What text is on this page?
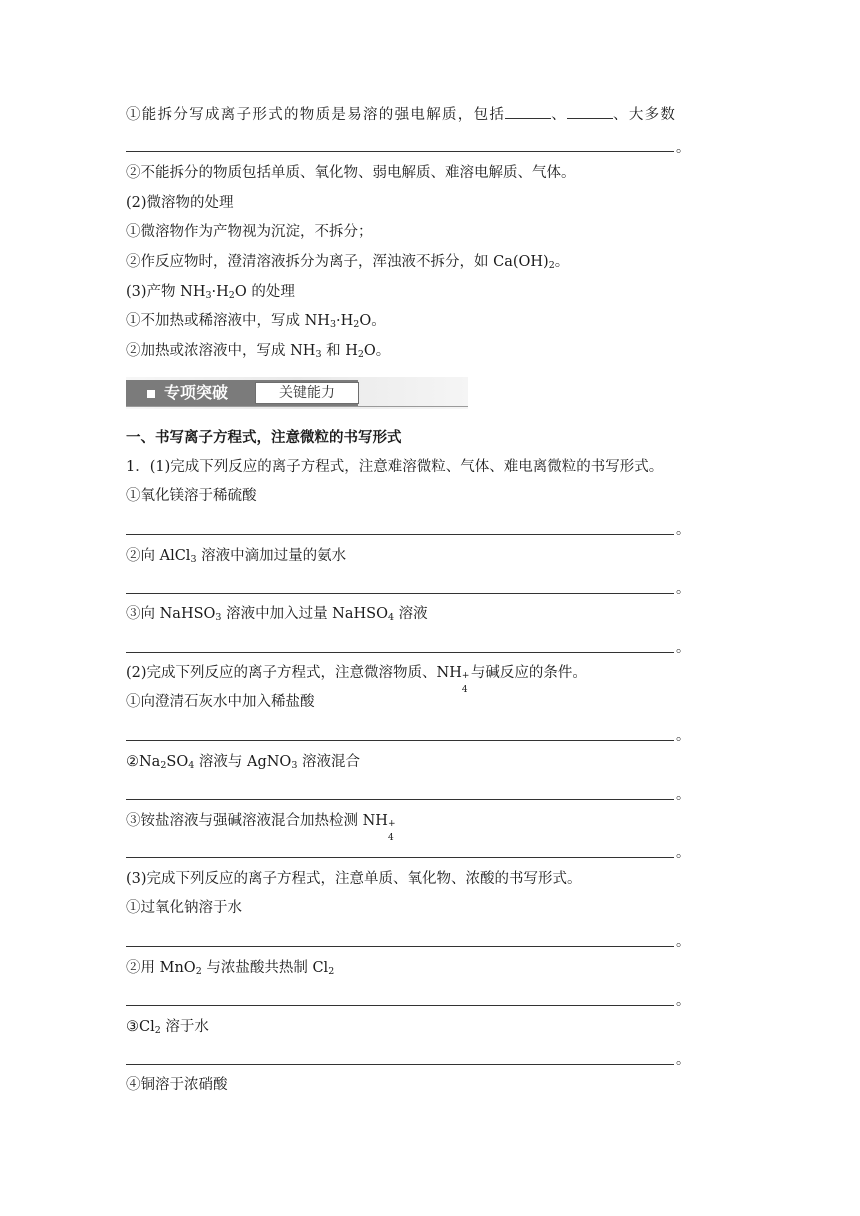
①能拆分写成离子形式的物质是易溶的强电解质，包括	、	、大多数
。
②不能拆分的物质包括单质、氧化物、弱电解质、难溶电解质、气体。
(2)微溶物的处理
①微溶物作为产物视为沉淀，不拆分；
②作反应物时，澄清溶液拆分为离子，浑浊液不拆分，如 $Ca(OH)_2$。
(3)产物 $NH_3\cdot H_2O$ 的处理
①不加热或稀溶液中，写成 $NH_3\cdot H_2O$。
②加热或浓溶液中，写成 $NH_3$ 和 $H_2O$。
专项突破	关键能力
一、书写离子方程式，注意微粒的书写形式
1．(1)完成下列反应的离子方程式，注意难溶微粒、气体、难电离微粒的书写形式。
①氧化镁溶于稀硫酸
。
②向 AlCl$_3$ 溶液中滴加过量的氨水
。
③向 NaHSO$_3$ 溶液中加入过量 NaHSO$_4$ 溶液
。
(2)完成下列反应的离子方程式，注意微溶物质、NH +
4
与碱反应的条件。
①向澄清石灰水中加入稀盐酸
。
$②Na_2SO_4$ 溶液与 AgNO$_3$ 溶液混合
。
③铵盐溶液与强碱溶液混合加热检测 NH +
4
。
(3)完成下列反应的离子方程式，注意单质、氧化物、浓酸的书写形式。
①过氧化钠溶于水
。
②用 MnO$_2$ 与浓盐酸共热制 $Cl_2$
。
$③Cl_2$ 溶于水
。
④铜溶于浓硝酸
